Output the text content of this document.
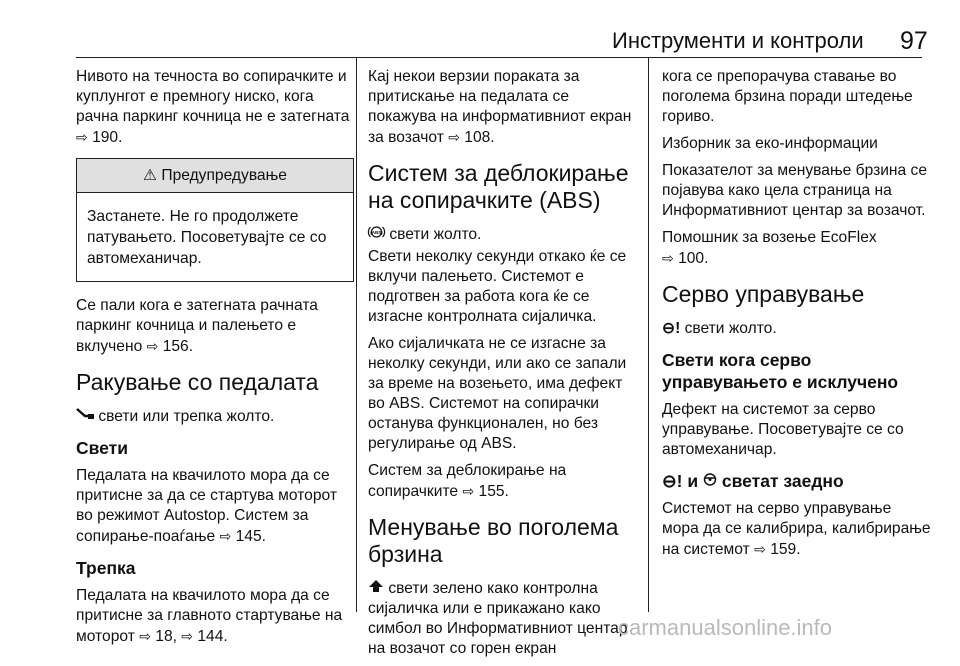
Инструменти и контроли 97

Нивото на течноста во сопирачките и куплунгот е премногу ниско, кога рачна паркинг кочница не е затегната ⇨ 190.

⚠ Предупредување
Застанете. Не го продолжете патувањето. Посоветувајте се со автомеханичар.

Се пали кога е затегната рачната паркинг кочница и палењето е вклучено ⇨ 156.

Ракување со педалата

свети или трепка жолто.

Свети

Педалата на квачилото мора да се притисне за да се стартува моторот во режимот Autostop. Систем за сопирање-поаѓање ⇨ 145.

Трепка

Педалата на квачилото мора да се притисне за главното стартување на моторот ⇨ 18, ⇨ 144.

Кај некои верзии пораката за притискање на педалата се покажува на информативниот екран за возачот ⇨ 108.

Систем за деблокирање на сопирачките (ABS)

(ABS) свети жолто.

Свети неколку секунди откако ќе се вклучи палењето. Системот е подготвен за работа кога ќе се изгасне контролната сијаличка.

Ако сијаличката не се изгасне за неколку секунди, или ако се запали за време на возењето, има дефект во ABS. Системот на сопирачки останува функционален, но без регулирање од ABS.

Систем за деблокирање на сопирачките ⇨ 155.

Менување во поголема брзина

свети зелено како контролна сијаличка или е прикажано како симбол во Информативниот центар на возачот со горен екран

кога се препорачува ставање во поголема брзина поради штедење гориво.

Изборник за еко-информации

Показателот за менување брзина се појавува како цела страница на Информативниот центар за возачот.

Помошник за возење EcoFlex
⇨ 100.

Серво управување

⊖! свети жолто.

Свети кога серво управувањето е исклучено

Дефект на системот за серво управување. Посоветувајте се со автомеханичар.

⊖! и светат заедно

Системот на серво управување мора да се калибрира, калибрирање на системот ⇨ 159.

carmanualsonline.info
